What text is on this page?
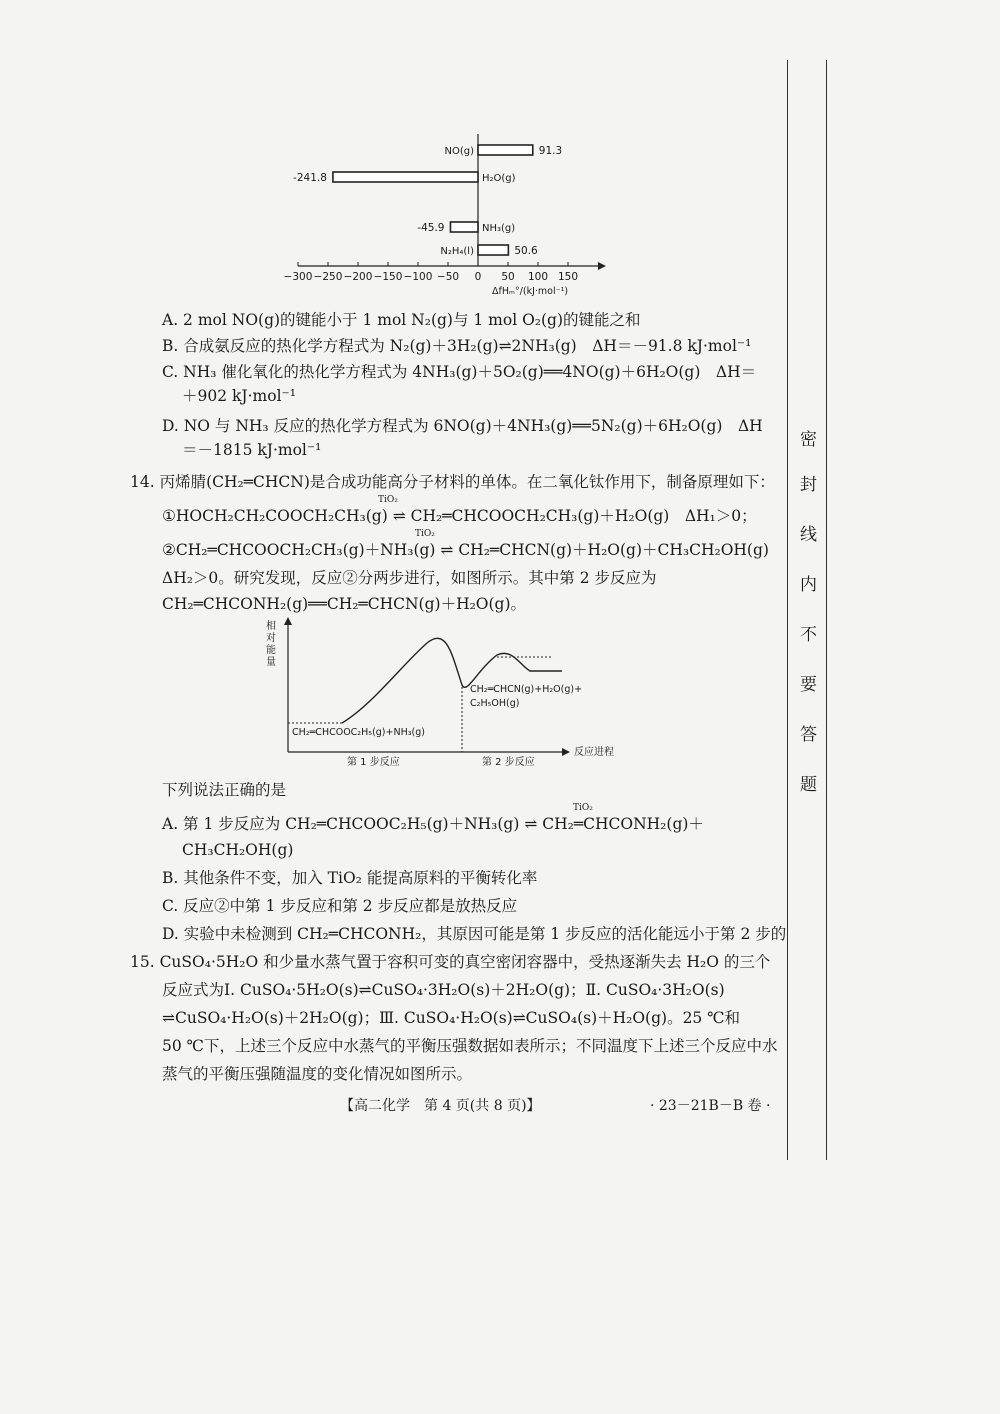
密
封
线
内
不
要
答
题
−300 −250 −200 −150 −100 −50 0 50 100 150
ΔfHₘ°/(kJ·mol⁻¹)
NO(g)	91.3
H₂O(g)
-241.8
NH₃(g)
-45.9
N₂H₄(l)	50.6
A. 2 mol NO(g)的键能小于 1 mol N₂(g)与 1 mol O₂(g)的键能之和
B. 合成氨反应的热化学方程式为 N₂(g)＋3H₂(g)⇌2NH₃(g)　ΔH＝－91.8 kJ·mol⁻¹
C. NH₃ 催化氧化的热化学方程式为 4NH₃(g)＋5O₂(g)══4NO(g)＋6H₂O(g)　ΔH＝
＋902 kJ·mol⁻¹
D. NO 与 NH₃ 反应的热化学方程式为 6NO(g)＋4NH₃(g)══5N₂(g)＋6H₂O(g)　ΔH
＝－1815 kJ·mol⁻¹
14. 丙烯腈(CH₂═CHCN)是合成功能高分子材料的单体。在二氧化钛作用下，制备原理如下：
TiO₂
①HOCH₂CH₂COOCH₂CH₃(g) ⇌ CH₂═CHCOOCH₂CH₃(g)＋H₂O(g)　ΔH₁＞0；
TiO₂
②CH₂═CHCOOCH₂CH₃(g)＋NH₃(g) ⇌ CH₂═CHCN(g)＋H₂O(g)＋CH₃CH₂OH(g)
ΔH₂＞0。研究发现，反应②分两步进行，如图所示。其中第 2 步反应为
CH₂═CHCONH₂(g)══CH₂═CHCN(g)＋H₂O(g)。
相
对
能
量
CH₂═CHCOOC₂H₅(g)+NH₃(g)
CH₂═CHCN(g)+H₂O(g)+
C₂H₅OH(g)
第 1 步反应	第 2 步反应
反应进程
下列说法正确的是
TiO₂
A. 第 1 步反应为 CH₂═CHCOOC₂H₅(g)＋NH₃(g) ⇌ CH₂═CHCONH₂(g)＋
CH₃CH₂OH(g)
B. 其他条件不变，加入 TiO₂ 能提高原料的平衡转化率
C. 反应②中第 1 步反应和第 2 步反应都是放热反应
D. 实验中未检测到 CH₂═CHCONH₂，其原因可能是第 1 步反应的活化能远小于第 2 步的
15. CuSO₄·5H₂O 和少量水蒸气置于容积可变的真空密闭容器中，受热逐渐失去 H₂O 的三个
反应式为Ⅰ. CuSO₄·5H₂O(s)⇌CuSO₄·3H₂O(s)＋2H₂O(g)；Ⅱ. CuSO₄·3H₂O(s)
⇌CuSO₄·H₂O(s)＋2H₂O(g)；Ⅲ. CuSO₄·H₂O(s)⇌CuSO₄(s)＋H₂O(g)。25 ℃和
50 ℃下，上述三个反应中水蒸气的平衡压强数据如表所示；不同温度下上述三个反应中水
蒸气的平衡压强随温度的变化情况如图所示。
【高二化学　第 4 页(共 8 页)】	· 23－21B－B 卷 ·
